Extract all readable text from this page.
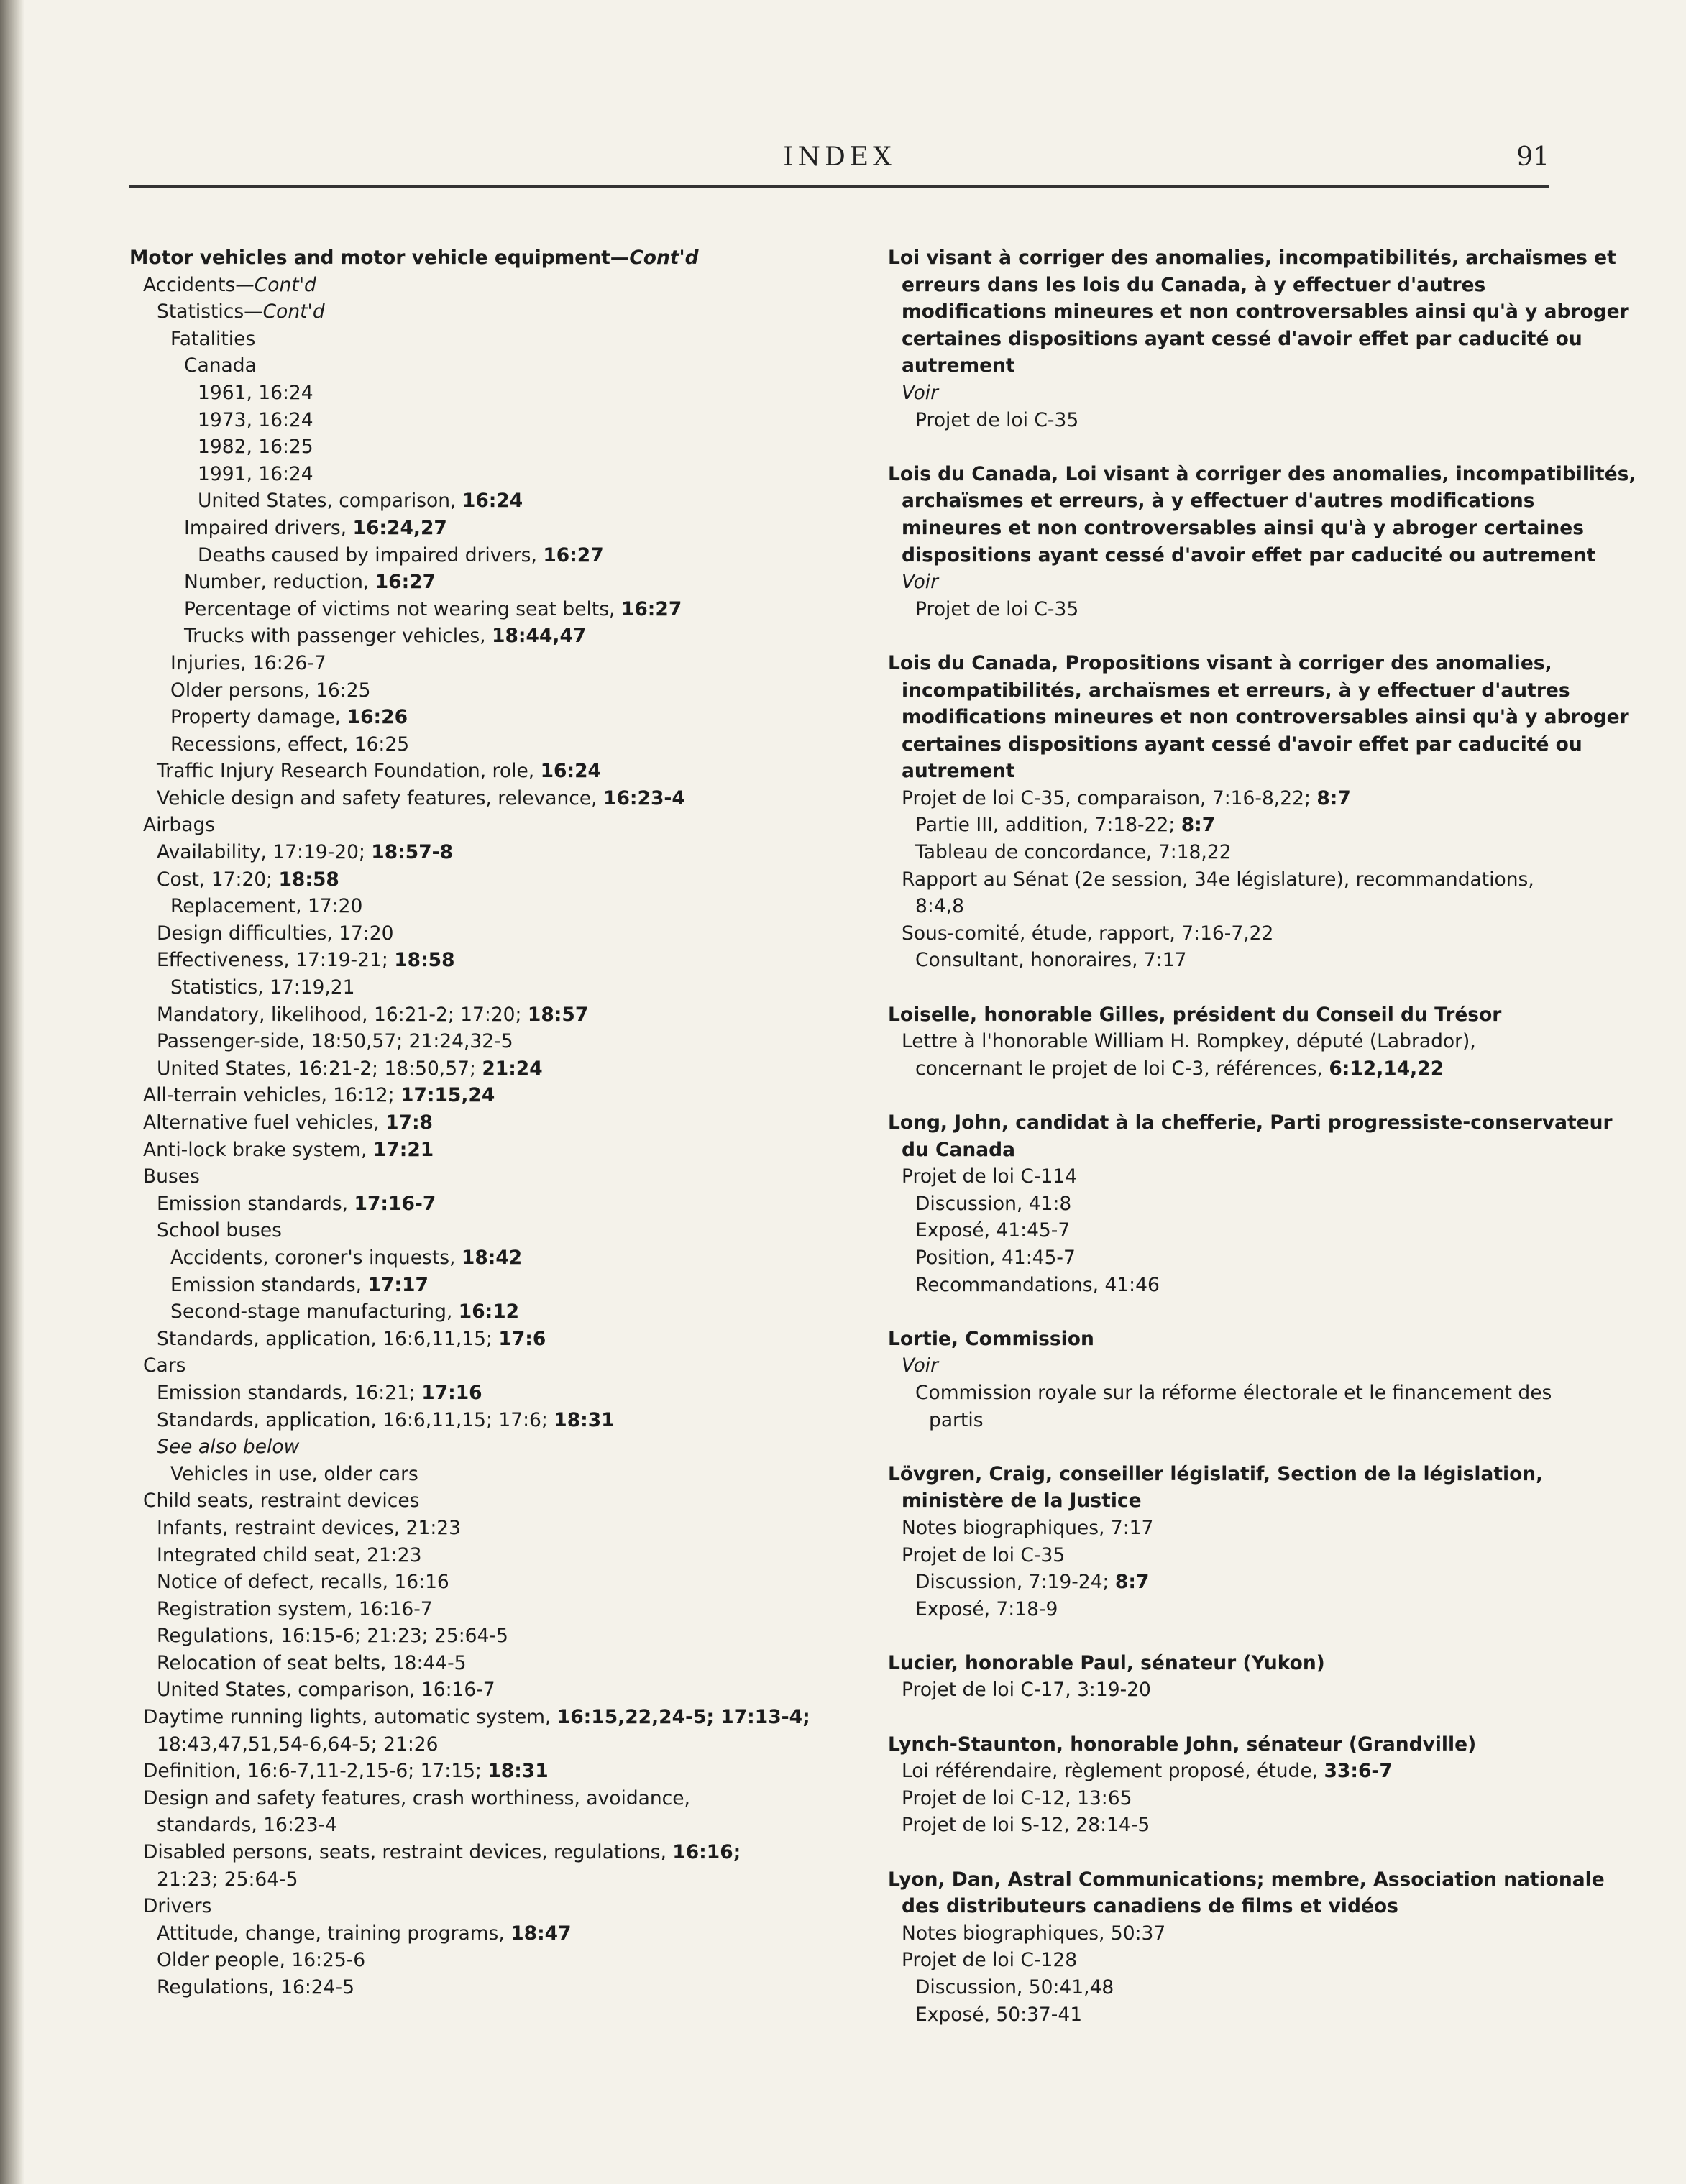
INDEX	91
Motor vehicles and motor vehicle equipment—Cont'd
Accidents—Cont'd
Statistics—Cont'd
Fatalities
Canada
1961, 16:24
1973, 16:24
1982, 16:25
1991, 16:24
United States, comparison, 16:24
Impaired drivers, 16:24,27
Deaths caused by impaired drivers, 16:27
Number, reduction, 16:27
Percentage of victims not wearing seat belts, 16:27
Trucks with passenger vehicles, 18:44,47
Injuries, 16:26-7
Older persons, 16:25
Property damage, 16:26
Recessions, effect, 16:25
Traffic Injury Research Foundation, role, 16:24
Vehicle design and safety features, relevance, 16:23-4
Airbags
Availability, 17:19-20; 18:57-8
Cost, 17:20; 18:58
Replacement, 17:20
Design difficulties, 17:20
Effectiveness, 17:19-21; 18:58
Statistics, 17:19,21
Mandatory, likelihood, 16:21-2; 17:20; 18:57
Passenger-side, 18:50,57; 21:24,32-5
United States, 16:21-2; 18:50,57; 21:24
All-terrain vehicles, 16:12; 17:15,24
Alternative fuel vehicles, 17:8
Anti-lock brake system, 17:21
Buses
Emission standards, 17:16-7
School buses
Accidents, coroner's inquests, 18:42
Emission standards, 17:17
Second-stage manufacturing, 16:12
Standards, application, 16:6,11,15; 17:6
Cars
Emission standards, 16:21; 17:16
Standards, application, 16:6,11,15; 17:6; 18:31
See also below
Vehicles in use, older cars
Child seats, restraint devices
Infants, restraint devices, 21:23
Integrated child seat, 21:23
Notice of defect, recalls, 16:16
Registration system, 16:16-7
Regulations, 16:15-6; 21:23; 25:64-5
Relocation of seat belts, 18:44-5
United States, comparison, 16:16-7
Daytime running lights, automatic system, 16:15,22,24-5; 17:13-4;
18:43,47,51,54-6,64-5; 21:26
Definition, 16:6-7,11-2,15-6; 17:15; 18:31
Design and safety features, crash worthiness, avoidance,
standards, 16:23-4
Disabled persons, seats, restraint devices, regulations, 16:16;
21:23; 25:64-5
Drivers
Attitude, change, training programs, 18:47
Older people, 16:25-6
Regulations, 16:24-5
Loi visant à corriger des anomalies, incompatibilités, archaïsmes et
erreurs dans les lois du Canada, à y effectuer d'autres
modifications mineures et non controversables ainsi qu'à y abroger
certaines dispositions ayant cessé d'avoir effet par caducité ou
autrement
Voir
Projet de loi C-35
Lois du Canada, Loi visant à corriger des anomalies, incompatibilités,
archaïsmes et erreurs, à y effectuer d'autres modifications
mineures et non controversables ainsi qu'à y abroger certaines
dispositions ayant cessé d'avoir effet par caducité ou autrement
Voir
Projet de loi C-35
Lois du Canada, Propositions visant à corriger des anomalies,
incompatibilités, archaïsmes et erreurs, à y effectuer d'autres
modifications mineures et non controversables ainsi qu'à y abroger
certaines dispositions ayant cessé d'avoir effet par caducité ou
autrement
Projet de loi C-35, comparaison, 7:16-8,22; 8:7
Partie III, addition, 7:18-22; 8:7
Tableau de concordance, 7:18,22
Rapport au Sénat (2e session, 34e législature), recommandations,
8:4,8
Sous-comité, étude, rapport, 7:16-7,22
Consultant, honoraires, 7:17
Loiselle, honorable Gilles, président du Conseil du Trésor
Lettre à l'honorable William H. Rompkey, député (Labrador),
concernant le projet de loi C-3, références, 6:12,14,22
Long, John, candidat à la chefferie, Parti progressiste-conservateur
du Canada
Projet de loi C-114
Discussion, 41:8
Exposé, 41:45-7
Position, 41:45-7
Recommandations, 41:46
Lortie, Commission
Voir
Commission royale sur la réforme électorale et le financement des
partis
Lövgren, Craig, conseiller législatif, Section de la législation,
ministère de la Justice
Notes biographiques, 7:17
Projet de loi C-35
Discussion, 7:19-24; 8:7
Exposé, 7:18-9
Lucier, honorable Paul, sénateur (Yukon)
Projet de loi C-17, 3:19-20
Lynch-Staunton, honorable John, sénateur (Grandville)
Loi référendaire, règlement proposé, étude, 33:6-7
Projet de loi C-12, 13:65
Projet de loi S-12, 28:14-5
Lyon, Dan, Astral Communications; membre, Association nationale
des distributeurs canadiens de films et vidéos
Notes biographiques, 50:37
Projet de loi C-128
Discussion, 50:41,48
Exposé, 50:37-41
